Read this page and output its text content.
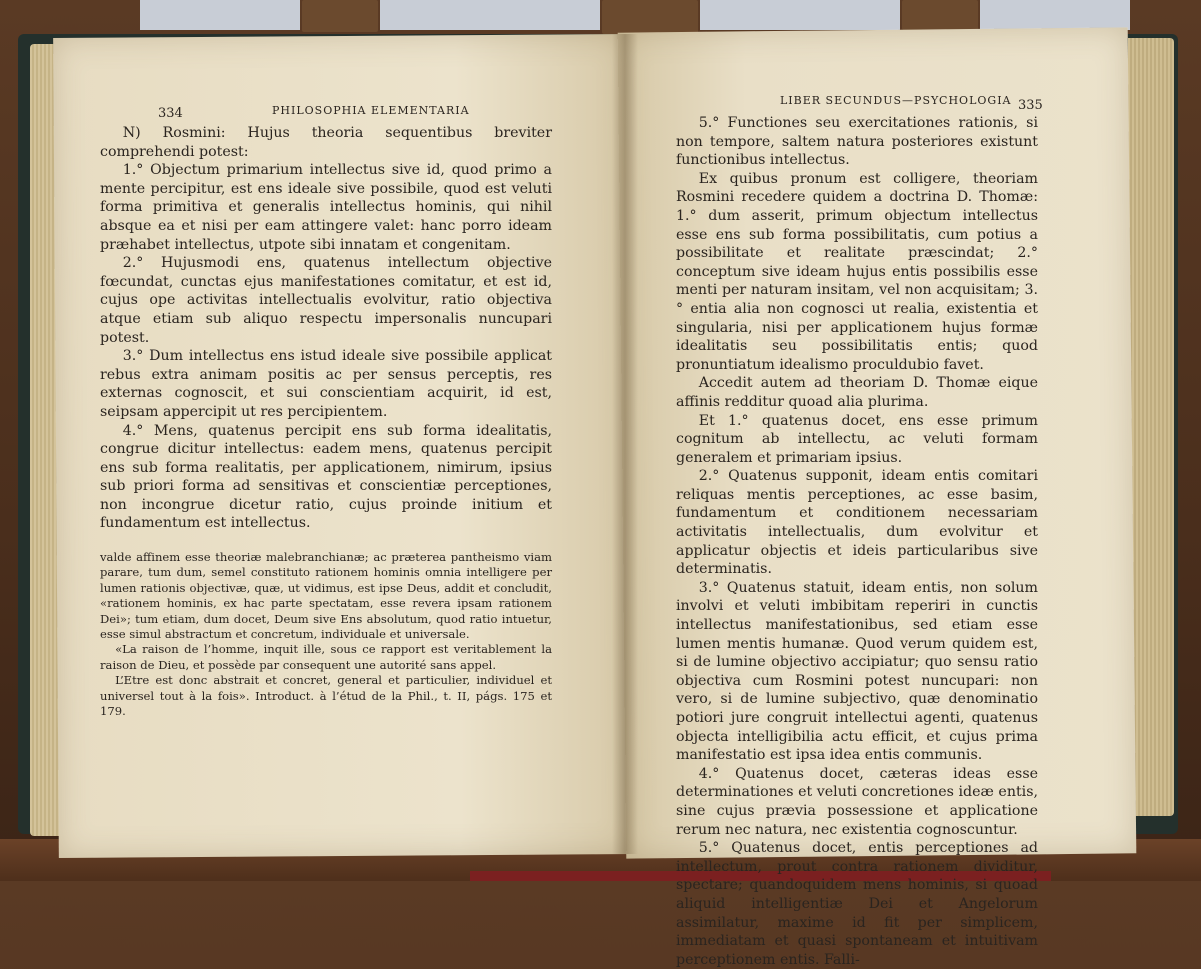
334	PHILOSOPHIA ELEMENTARIA

N) Rosmini: Hujus theoria sequentibus breviter comprehendi potest:

1.° Objectum primarium intellectus sive id, quod primo a mente percipitur, est ens ideale sive possibile, quod est veluti forma primitiva et generalis intellectus hominis, qui nihil absque ea et nisi per eam attingere valet: hanc porro ideam præhabet intellectus, utpote sibi innatam et congenitam.

2.° Hujusmodi ens, quatenus intellectum objective fœcundat, cunctas ejus manifestationes comitatur, et est id, cujus ope activitas intellectualis evolvitur, ratio objectiva atque etiam sub aliquo respectu impersonalis nuncupari potest.

3.° Dum intellectus ens istud ideale sive possibile applicat rebus extra animam positis ac per sensus perceptis, res externas cognoscit, et sui conscientiam acquirit, id est, seipsam appercipit ut res percipientem.

4.° Mens, quatenus percipit ens sub forma idealitatis, congrue dicitur intellectus: eadem mens, quatenus percipit ens sub forma realitatis, per applicationem, nimirum, ipsius sub priori forma ad sensitivas et conscientiæ perceptiones, non incongrue dicetur ratio, cujus proinde initium et fundamentum est intellectus.

valde affinem esse theoriæ malebranchianæ; ac præterea pantheismo viam parare, tum dum, semel constituto rationem hominis omnia intelligere per lumen rationis objectivæ, quæ, ut vidimus, est ipse Deus, addit et concludit, «rationem hominis, ex hac parte spectatam, esse revera ipsam rationem Dei»; tum etiam, dum docet, Deum sive Ens absolutum, quod ratio intuetur, esse simul abstractum et concretum, individuale et universale.

«La raison de l’homme, inquit ille, sous ce rapport est veritablement la raison de Dieu, et possède par consequent une autorité sans appel.

L’Etre est donc abstrait et concret, general et particulier, individuel et universel tout à la fois». Introduct. à l’étud de la Phil., t. II, págs. 175 et 179.

LIBER SECUNDUS—PSYCHOLOGIA 335

5.° Functiones seu exercitationes rationis, si non tempore, saltem natura posteriores existunt functionibus intellectus.

Ex quibus pronum est colligere, theoriam Rosmini recedere quidem a doctrina D. Thomæ: 1.° dum asserit, primum objectum intellectus esse ens sub forma possibilitatis, cum potius a possibilitate et realitate præscindat; 2.° conceptum sive ideam hujus entis possibilis esse menti per naturam insitam, vel non acquisitam; 3.° entia alia non cognosci ut realia, existentia et singularia, nisi per applicationem hujus formæ idealitatis seu possibilitatis entis; quod pronuntiatum idealismo proculdubio favet.

Accedit autem ad theoriam D. Thomæ eique affinis redditur quoad alia plurima.

Et 1.° quatenus docet, ens esse primum cognitum ab intellectu, ac veluti formam generalem et primariam ipsius.

2.° Quatenus supponit, ideam entis comitari reliquas mentis perceptiones, ac esse basim, fundamentum et conditionem necessariam activitatis intellectualis, dum evolvitur et applicatur objectis et ideis particularibus sive determinatis.

3.° Quatenus statuit, ideam entis, non solum involvi et veluti imbibitam reperiri in cunctis intellectus manifestationibus, sed etiam esse lumen mentis humanæ. Quod verum quidem est, si de lumine objectivo accipiatur; quo sensu ratio objectiva cum Rosmini potest nuncupari: non vero, si de lumine subjectivo, quæ denominatio potiori jure congruit intellectui agenti, quatenus objecta intelligibilia actu efficit, et cujus prima manifestatio est ipsa idea entis communis.

4.° Quatenus docet, cæteras ideas esse determinationes et veluti concretiones ideæ entis, sine cujus prævia possessione et applicatione rerum nec natura, nec existentia cognoscuntur.

5.° Quatenus docet, entis perceptiones ad intellectum, prout contra rationem dividitur, spectare; quandoquidem mens hominis, si quoad aliquid intelligentiæ Dei et Angelorum assimilatur, maxime id fit per simplicem, immediatam et quasi spontaneam et intuitivam perceptionem entis. Falli-
